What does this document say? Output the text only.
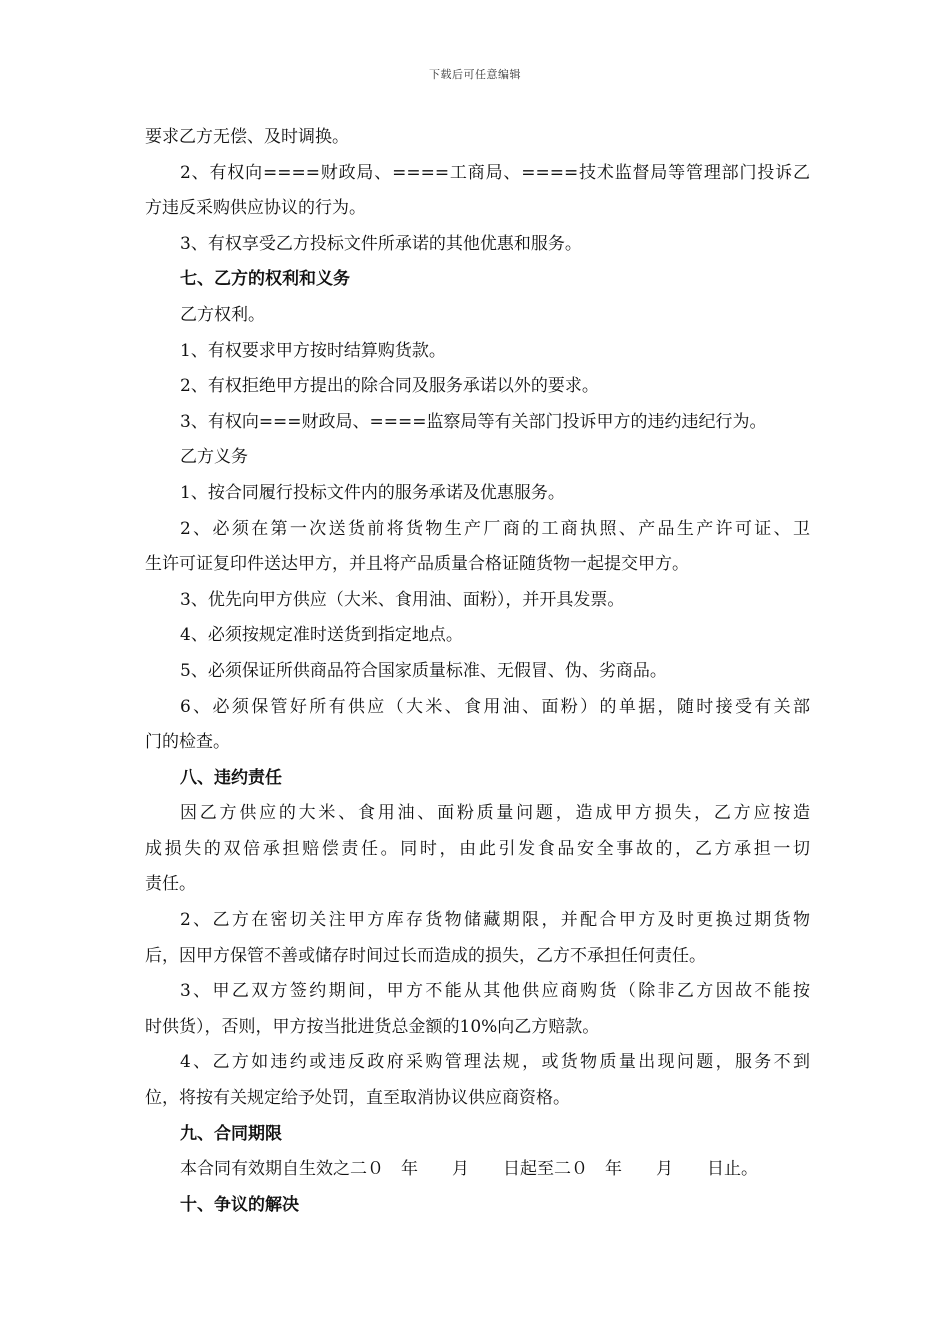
下载后可任意编辑
要求乙方无偿、及时调换。
2、有权向====财政局、====工商局、====技术监督局等管理部门投诉乙
方违反采购供应协议的行为。
3、有权享受乙方投标文件所承诺的其他优惠和服务。
七、乙方的权利和义务
乙方权利。
1、有权要求甲方按时结算购货款。
2、有权拒绝甲方提出的除合同及服务承诺以外的要求。
3、有权向===财政局、====监察局等有关部门投诉甲方的违约违纪行为。
乙方义务
1、按合同履行投标文件内的服务承诺及优惠服务。
2、必须在第一次送货前将货物生产厂商的工商执照、产品生产许可证、卫
生许可证复印件送达甲方，并且将产品质量合格证随货物一起提交甲方。
3、优先向甲方供应（大米、食用油、面粉），并开具发票。
4、必须按规定准时送货到指定地点。
5、必须保证所供商品符合国家质量标准、无假冒、伪、劣商品。
6、必须保管好所有供应（大米、食用油、面粉）的单据，随时接受有关部
门的检查。
八、违约责任
因乙方供应的大米、食用油、面粉质量问题，造成甲方损失，乙方应按造
成损失的双倍承担赔偿责任。同时，由此引发食品安全事故的，乙方承担一切
责任。
2、乙方在密切关注甲方库存货物储藏期限，并配合甲方及时更换过期货物
后，因甲方保管不善或储存时间过长而造成的损失，乙方不承担任何责任。
3、甲乙双方签约期间，甲方不能从其他供应商购货（除非乙方因故不能按
时供货），否则，甲方按当批进货总金额的10%向乙方赔款。
4、乙方如违约或违反政府采购管理法规，或货物质量出现问题，服务不到
位，将按有关规定给予处罚，直至取消协议供应商资格。
九、合同期限
本合同有效期自生效之二０　年　　月　　日起至二０　年　　月　　日止。
十、争议的解决
